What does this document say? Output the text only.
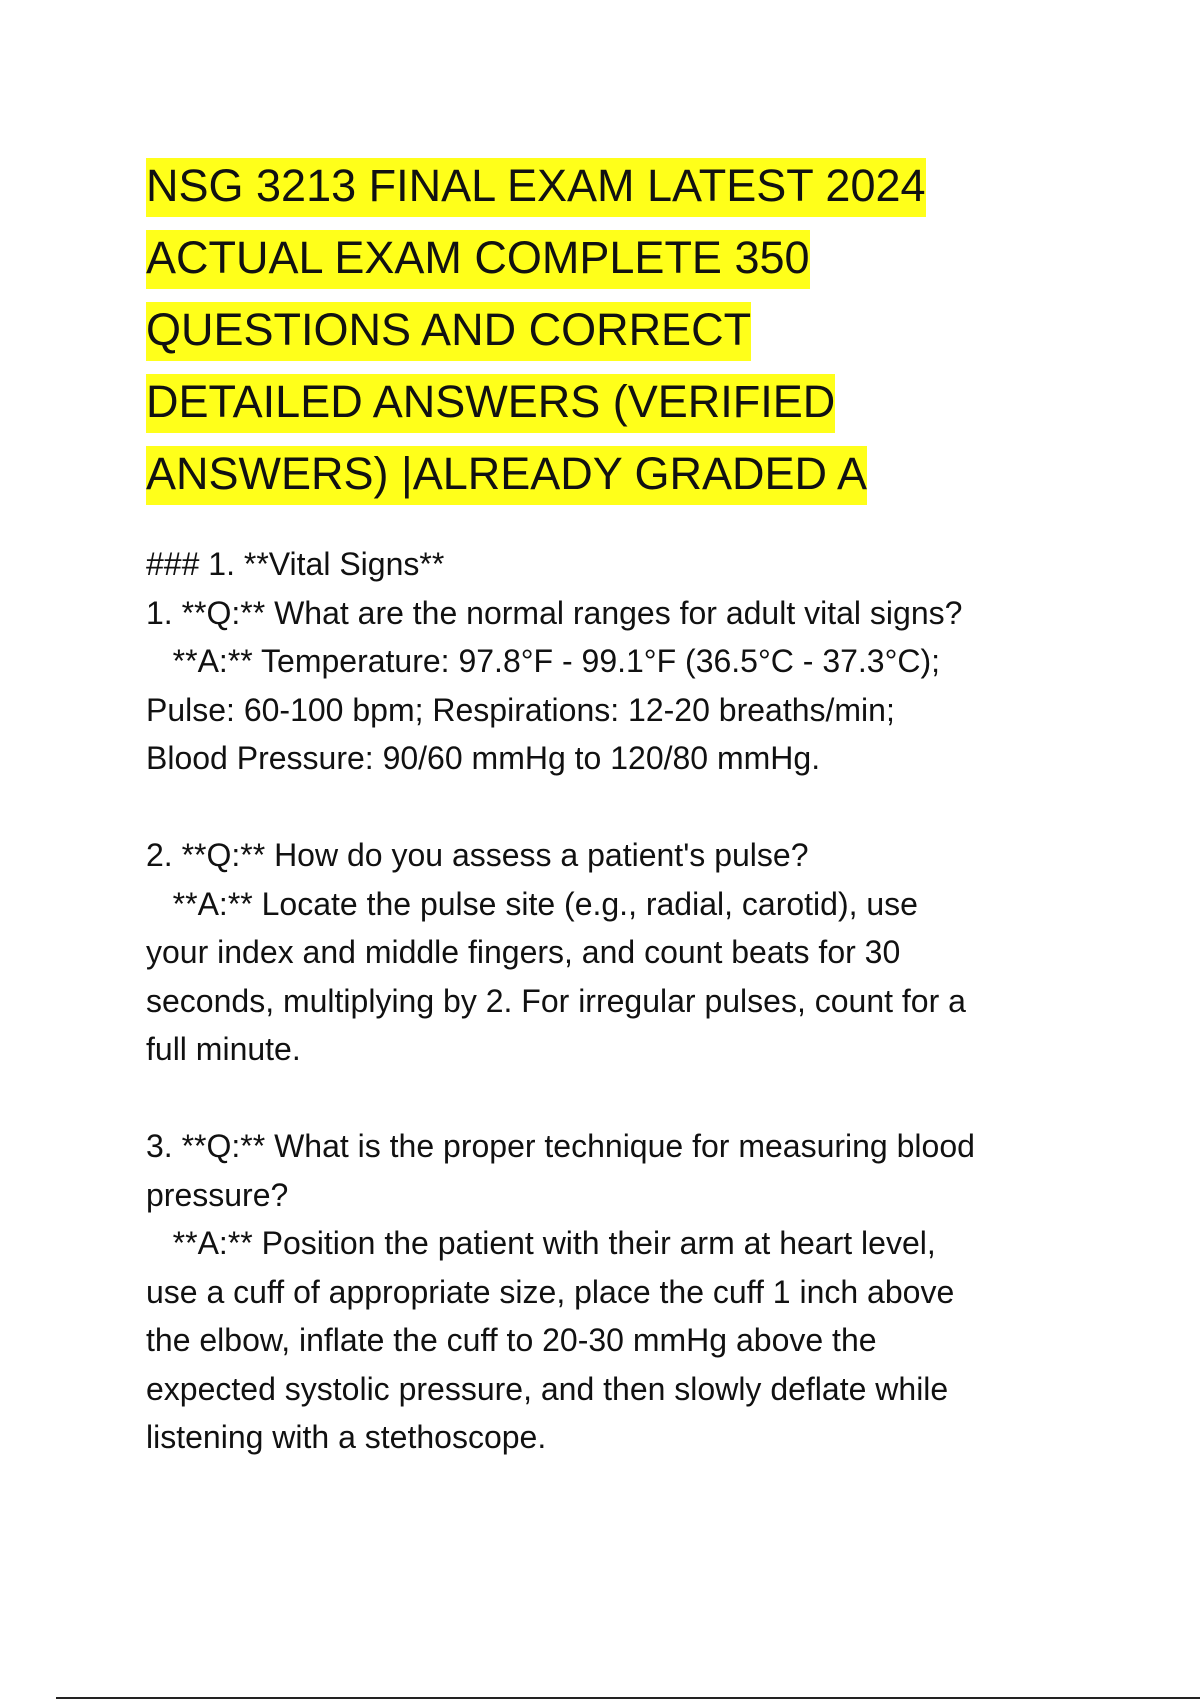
NSG 3213 FINAL EXAM LATEST 2024
ACTUAL EXAM COMPLETE 350
QUESTIONS AND CORRECT
DETAILED ANSWERS (VERIFIED
ANSWERS) |ALREADY GRADED A
### 1. **Vital Signs**
1. **Q:** What are the normal ranges for adult vital signs?
**A:** Temperature: 97.8°F - 99.1°F (36.5°C - 37.3°C);
Pulse: 60-100 bpm; Respirations: 12-20 breaths/min;
Blood Pressure: 90/60 mmHg to 120/80 mmHg.
2. **Q:** How do you assess a patient's pulse?
**A:** Locate the pulse site (e.g., radial, carotid), use
your index and middle fingers, and count beats for 30
seconds, multiplying by 2. For irregular pulses, count for a
full minute.
3. **Q:** What is the proper technique for measuring blood
pressure?
**A:** Position the patient with their arm at heart level,
use a cuff of appropriate size, place the cuff 1 inch above
the elbow, inflate the cuff to 20-30 mmHg above the
expected systolic pressure, and then slowly deflate while
listening with a stethoscope.
